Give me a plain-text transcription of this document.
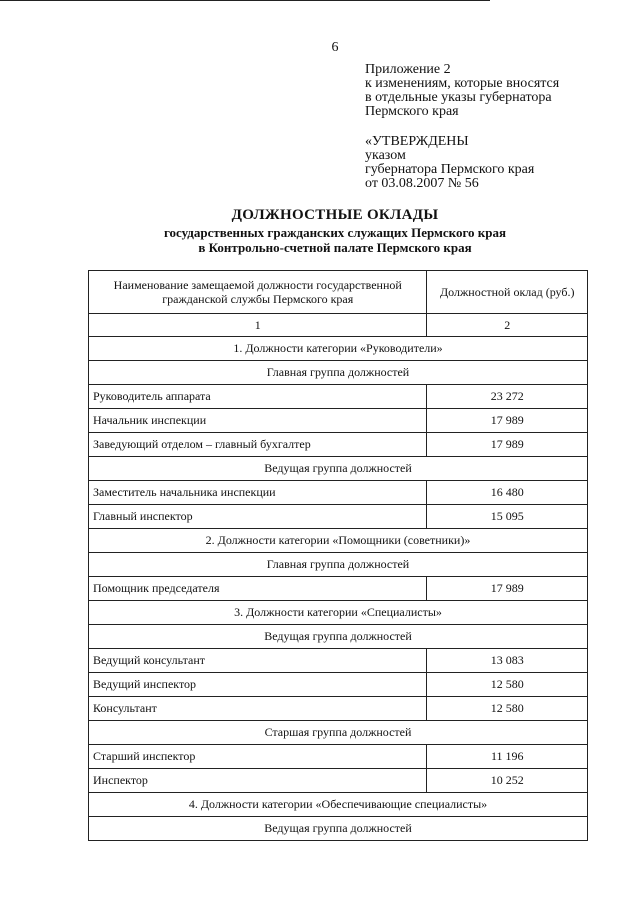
6
Приложение 2
к изменениям, которые вносятся
в отдельные указы губернатора
Пермского края
«УТВЕРЖДЕНЫ
указом
губернатора Пермского края
от 03.08.2007 № 56
ДОЛЖНОСТНЫЕ ОКЛАДЫ
государственных гражданских служащих Пермского края
в Контрольно-счетной палате Пермского края
Наименование замещаемой должности государственной гражданской службы Пермского края	Должностной оклад (руб.)
1	2
1. Должности категории «Руководители»	
Главная группа должностей	
Руководитель аппарата	23 272
Начальник инспекции	17 989
Заведующий отделом – главный бухгалтер	17 989
Ведущая группа должностей	
Заместитель начальника инспекции	16 480
Главный инспектор	15 095
2. Должности категории «Помощники (советники)»	
Главная группа должностей	
Помощник председателя	17 989
3. Должности категории «Специалисты»	
Ведущая группа должностей	
Ведущий консультант	13 083
Ведущий инспектор	12 580
Консультант	12 580
Старшая группа должностей	
Старший инспектор	11 196
Инспектор	10 252
4. Должности категории «Обеспечивающие специалисты»	
Ведущая группа должностей	
